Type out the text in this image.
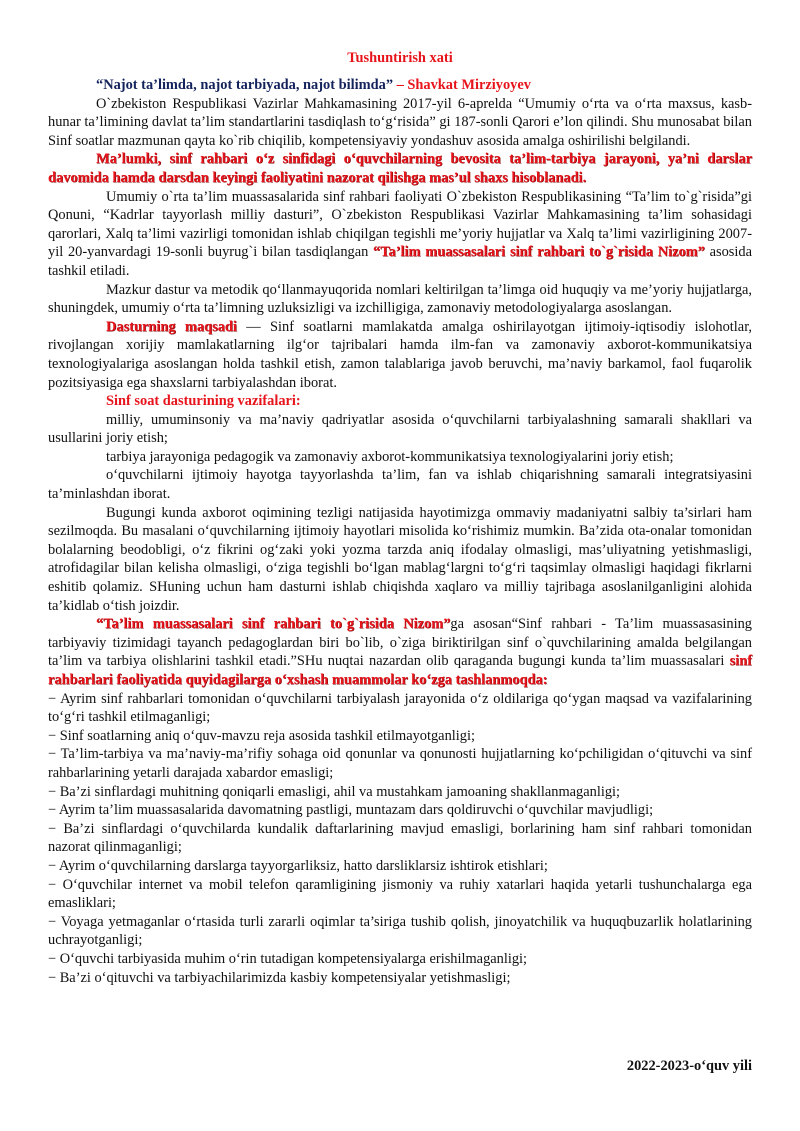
Tushuntirish xati

“Najot ta’limda, najot tarbiyada, najot bilimda” – Shavkat Mirziyoyev

O`zbekiston Respublikasi Vazirlar Mahkamasining 2017-yil 6-aprelda “Umumiy o‘rta va o‘rta maxsus, kasb-hunar ta’limining davlat ta’lim standartlarini tasdiqlash to‘g‘risida” gi 187-sonli Qarori e’lon qilindi. Shu munosabat bilan Sinf soatlar mazmunan qayta ko`rib chiqilib, kompetensiyaviy yondashuv asosida amalga oshirilishi belgilandi.

Ma’lumki, sinf rahbari o‘z sinfidagi o‘quvchilarning bevosita ta’lim-tarbiya jarayoni, ya’ni darslar davomida hamda darsdan keyingi faoliyatini nazorat qilishga mas’ul shaxs hisoblanadi.

Umumiy o`rta ta’lim muassasalarida sinf rahbari faoliyati O`zbekiston Respublikasining “Ta’lim to`g`risida”gi Qonuni, “Kadrlar tayyorlash milliy dasturi”, O`zbekiston Respublikasi Vazirlar Mahkamasining ta’lim sohasidagi qarorlari, Xalq ta’limi vazirligi tomonidan ishlab chiqilgan tegishli me’yoriy hujjatlar va Xalq ta’limi vazirligining 2007-yil 20-yanvardagi 19-sonli buyrug`i bilan tasdiqlangan “Ta’lim muassasalari sinf rahbari to`g`risida Nizom” asosida tashkil etiladi.

Mazkur dastur va metodik qo‘llanmayuqorida nomlari keltirilgan ta’limga oid huquqiy va me’yoriy hujjatlarga, shuningdek, umumiy o‘rta ta’limning uzluksizligi va izchilligiga, zamonaviy metodologiyalarga asoslangan.

Dasturning maqsadi — Sinf soatlarni mamlakatda amalga oshirilayotgan ijtimoiy-iqtisodiy islohotlar, rivojlangan xorijiy mamlakatlarning ilg‘or tajribalari hamda ilm-fan va zamonaviy axborot-kommunikatsiya texnologiyalariga asoslangan holda tashkil etish, zamon talablariga javob beruvchi, ma’naviy barkamol, faol fuqarolik pozitsiyasiga ega shaxslarni tarbiyalashdan iborat.

Sinf soat dasturining vazifalari:

milliy, umuminsoniy va ma’naviy qadriyatlar asosida o‘quvchilarni tarbiyalashning samarali shakllari va usullarini joriy etish;

tarbiya jarayoniga pedagogik va zamonaviy axborot-kommunikatsiya texnologiyalarini joriy etish;

o‘quvchilarni ijtimoiy hayotga tayyorlashda ta’lim, fan va ishlab chiqarishning samarali integratsiyasini ta’minlashdan iborat.

Bugungi kunda axborot oqimining tezligi natijasida hayotimizga ommaviy madaniyatni salbiy ta’sirlari ham sezilmoqda. Bu masalani o‘quvchilarning ijtimoiy hayotlari misolida ko‘rishimiz mumkin. Ba’zida ota-onalar tomonidan bolalarning beodobligi, o‘z fikrini og‘zaki yoki yozma tarzda aniq ifodalay olmasligi, mas’uliyatning yetishmasligi, atrofidagilar bilan kelisha olmasligi, o‘ziga tegishli bo‘lgan mablag‘largni to‘g‘ri taqsimlay olmasligi haqidagi fikrlarni eshitib qolamiz. SHuning uchun ham dasturni ishlab chiqishda xaqlaro va milliy tajribaga asoslanilganligini alohida ta’kidlab o‘tish joizdir.

“Ta’lim muassasalari sinf rahbari to`g`risida Nizom”ga asosan“Sinf rahbari - Ta’lim muassasasining tarbiyaviy tizimidagi tayanch pedagoglardan biri bo`lib, o`ziga biriktirilgan sinf o`quvchilarining amalda belgilangan ta’lim va tarbiya olishlarini tashkil etadi.”SHu nuqtai nazardan olib qaraganda bugungi kunda ta’lim muassasalari sinf rahbarlari faoliyatida quyidagilarga o‘xshash muammolar ko‘zga tashlanmoqda:

− Ayrim sinf rahbarlari tomonidan o‘quvchilarni tarbiyalash jarayonida o‘z oldilariga qo‘ygan maqsad va vazifalarining to‘g‘ri tashkil etilmaganligi;

− Sinf soatlarning aniq o‘quv-mavzu reja asosida tashkil etilmayotganligi;

− Ta’lim-tarbiya va ma’naviy-ma’rifiy sohaga oid qonunlar va qonunosti hujjatlarning ko‘pchiligidan o‘qituvchi va sinf rahbarlarining yetarli darajada xabardor emasligi;

− Ba’zi sinflardagi muhitning qoniqarli emasligi, ahil va mustahkam jamoaning shakllanmaganligi;

− Ayrim ta’lim muassasalarida davomatning pastligi, muntazam dars qoldiruvchi o‘quvchilar mavjudligi;

− Ba’zi sinflardagi o‘quvchilarda kundalik daftarlarining mavjud emasligi, borlarining ham sinf rahbari tomonidan nazorat qilinmaganligi;

− Ayrim o‘quvchilarning darslarga tayyorgarliksiz, hatto darsliklarsiz ishtirok etishlari;

− O‘quvchilar internet va mobil telefon qaramligining jismoniy va ruhiy xatarlari haqida yetarli tushunchalarga ega emasliklari;

− Voyaga yetmaganlar o‘rtasida turli zararli oqimlar ta’siriga tushib qolish, jinoyatchilik va huquqbuzarlik holatlarining uchrayotganligi;

− O‘quvchi tarbiyasida muhim o‘rin tutadigan kompetensiyalarga erishilmaganligi;

− Ba’zi o‘qituvchi va tarbiyachilarimizda kasbiy kompetensiyalar yetishmasligi;

2022-2023-o‘quv yili
